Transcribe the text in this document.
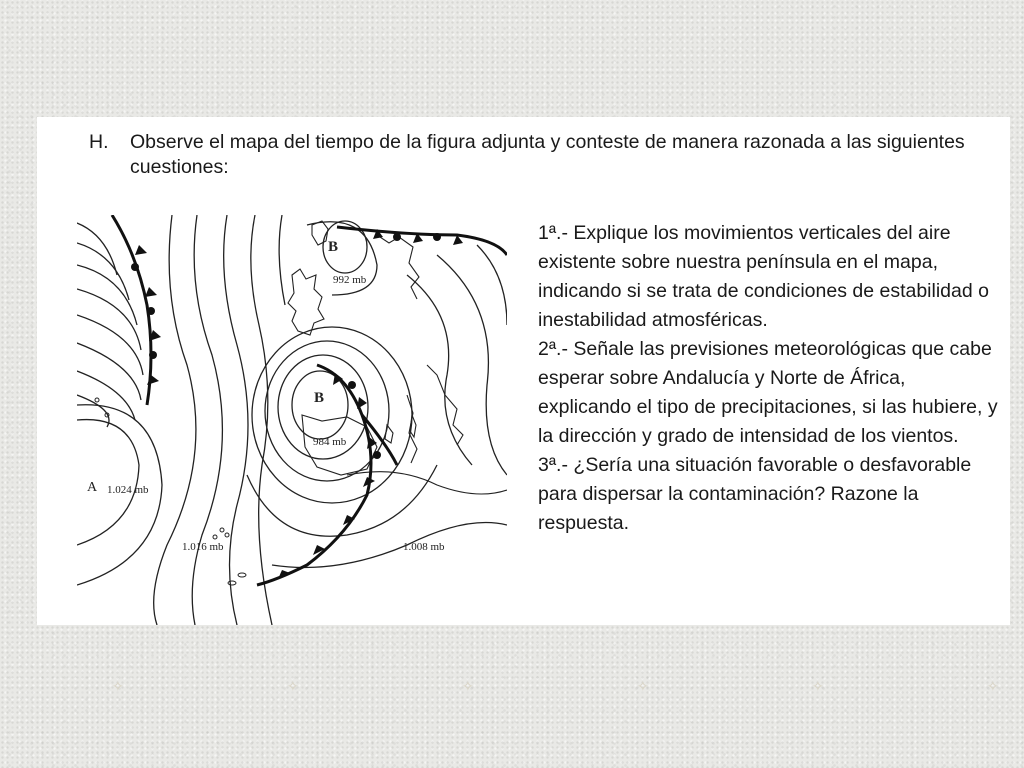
H. Observe el mapa del tiempo de la figura adjunta y conteste de manera razonada a las siguientes cuestiones:
B
992 mb
B
984 mb
A 1.024 mb
1.016 mb	1.008 mb

1ª.- Explique los movimientos verticales del aire existente sobre nuestra península en el mapa, indicando si se trata de condiciones de estabilidad o inestabilidad atmosféricas.

2ª.- Señale las previsiones meteorológicas que cabe esperar sobre Andalucía y Norte de África, explicando el tipo de precipitaciones, si las hubiere, y la dirección y grado de intensidad de los vientos.

3ª.- ¿Sería una situación favorable o desfavorable para dispersar la contaminación? Razone la respuesta.

✧	✧	✧	✧	✧	✧
